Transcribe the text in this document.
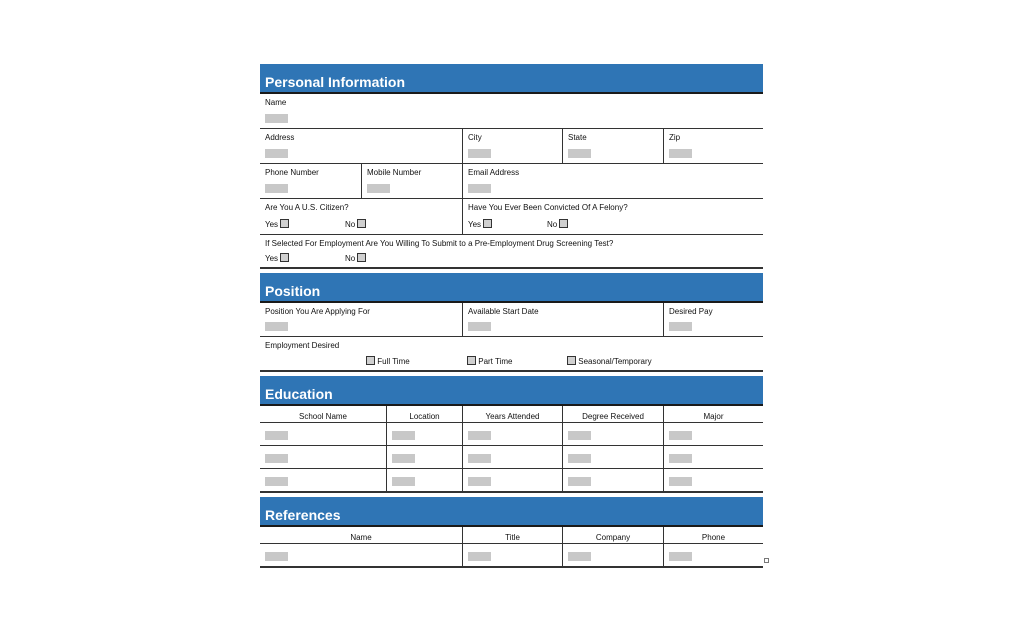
Personal Information
Name
Address	City	State	Zip
Phone Number	Mobile Number	Email Address
Are You A U.S. Citizen?
Yes	No
Have You Ever Been Convicted Of A Felony?
Yes	No
If Selected For Employment Are You Willing To Submit to a Pre-Employment Drug Screening Test?
Yes	No
Position
Position You Are Applying For	Available Start Date	Desired Pay
Employment Desired
Full Time	Part Time	Seasonal/Temporary
Education
School Name	Location	Years Attended	Degree Received	Major
References
Name	Title	Company	Phone
